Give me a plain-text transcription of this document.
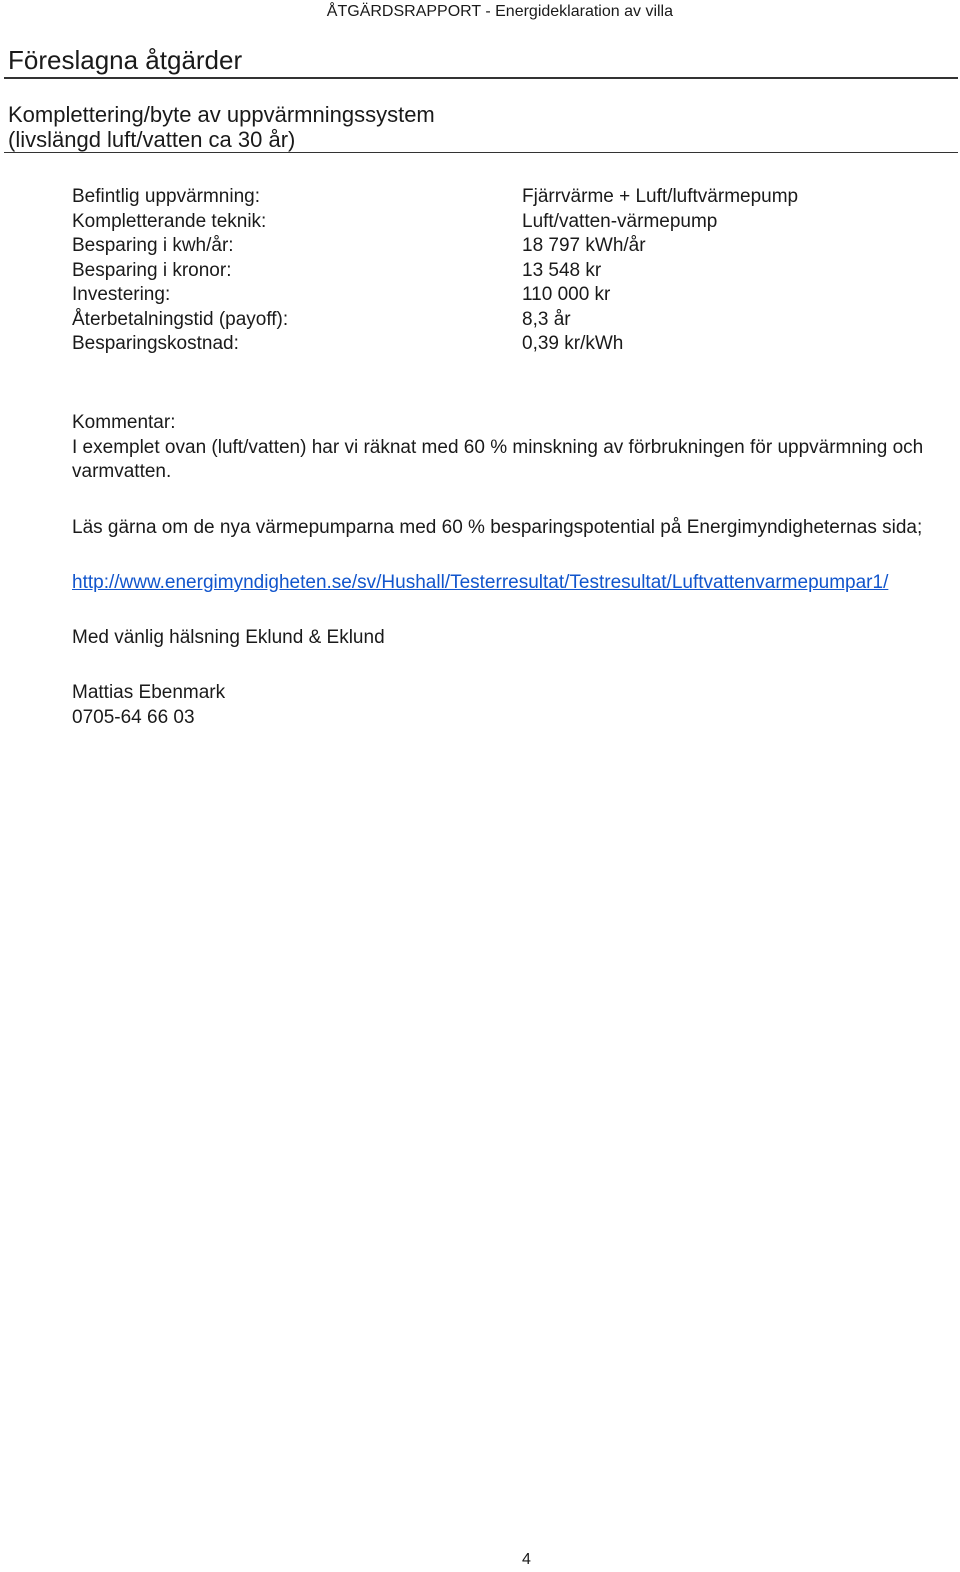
ÅTGÄRDSRAPPORT - Energideklaration av villa
Föreslagna åtgärder
Komplettering/byte av uppvärmningssystem
(livslängd luft/vatten ca 30 år)
Befintlig uppvärmning:	Fjärrvärme + Luft/luftvärmepump
Kompletterande teknik:	Luft/vatten-värmepump
Besparing i kwh/år:	18 797 kWh/år
Besparing i kronor:	13 548 kr
Investering:	110 000 kr
Återbetalningstid (payoff):	8,3 år
Besparingskostnad:	0,39 kr/kWh

Kommentar:

I exemplet ovan (luft/vatten) har vi räknat med 60 % minskning av förbrukningen för uppvärmning och varmvatten.

Läs gärna om de nya värmepumparna med 60 % besparingspotential på Energimyndigheternas sida;

http://www.energimyndigheten.se/sv/Hushall/Testerresultat/Testresultat/Luftvattenvarmepumpar1/

Med vänlig hälsning Eklund & Eklund

Mattias Ebenmark

0705-64 66 03

4
